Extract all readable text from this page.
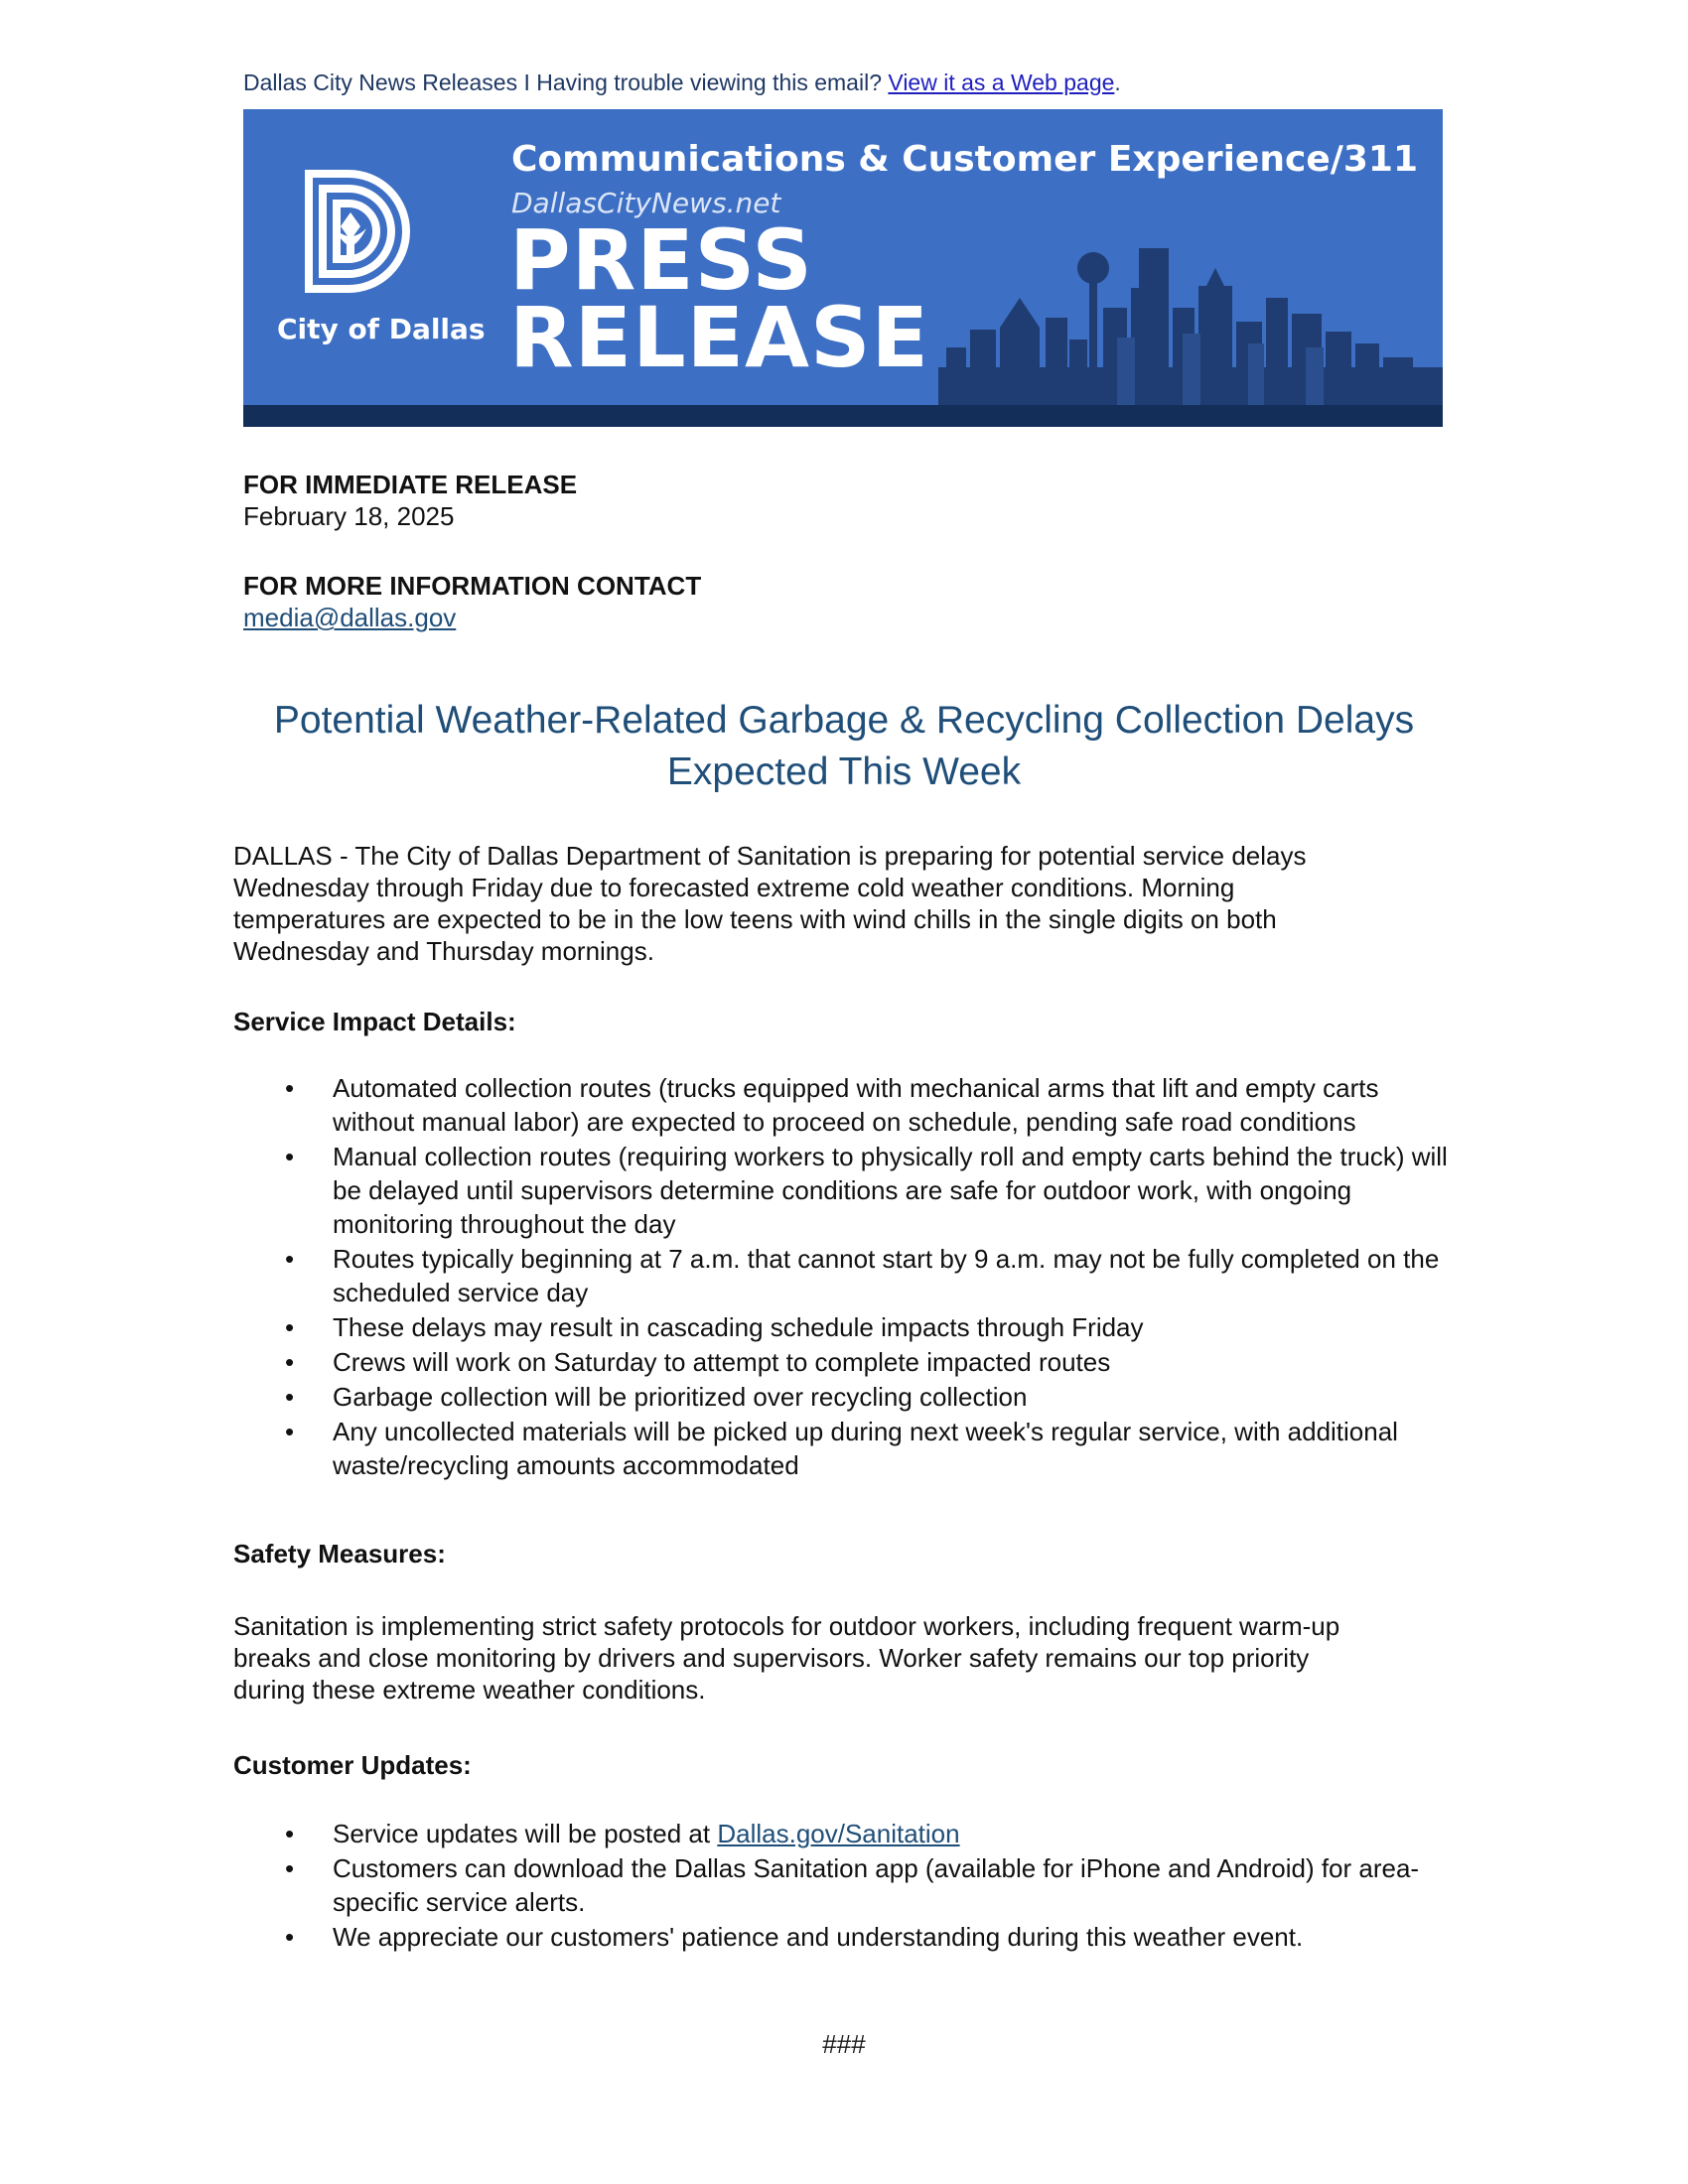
Dallas City News Releases I Having trouble viewing this email? View it as a Web page.
Communications & Customer Experience/311
DallasCityNews.net
PRESS
RELEASE
City of Dallas
FOR IMMEDIATE RELEASE
February 18, 2025
FOR MORE INFORMATION CONTACT
media@dallas.gov
Potential Weather-Related Garbage & Recycling Collection Delays
Expected This Week
DALLAS - The City of Dallas Department of Sanitation is preparing for potential service delays
Wednesday through Friday due to forecasted extreme cold weather conditions. Morning
temperatures are expected to be in the low teens with wind chills in the single digits on both
Wednesday and Thursday mornings.
Service Impact Details:
• Automated collection routes (trucks equipped with mechanical arms that lift and empty carts without manual labor) are expected to proceed on schedule, pending safe road conditions
• Manual collection routes (requiring workers to physically roll and empty carts behind the truck) will be delayed until supervisors determine conditions are safe for outdoor work, with ongoing monitoring throughout the day
• Routes typically beginning at 7 a.m. that cannot start by 9 a.m. may not be fully completed on the scheduled service day
• These delays may result in cascading schedule impacts through Friday
• Crews will work on Saturday to attempt to complete impacted routes
• Garbage collection will be prioritized over recycling collection
• Any uncollected materials will be picked up during next week's regular service, with additional waste/recycling amounts accommodated
Safety Measures:
Sanitation is implementing strict safety protocols for outdoor workers, including frequent warm-up
breaks and close monitoring by drivers and supervisors. Worker safety remains our top priority
during these extreme weather conditions.
Customer Updates:
• Service updates will be posted at Dallas.gov/Sanitation
• Customers can download the Dallas Sanitation app (available for iPhone and Android) for area-specific service alerts.
• We appreciate our customers' patience and understanding during this weather event.
###
